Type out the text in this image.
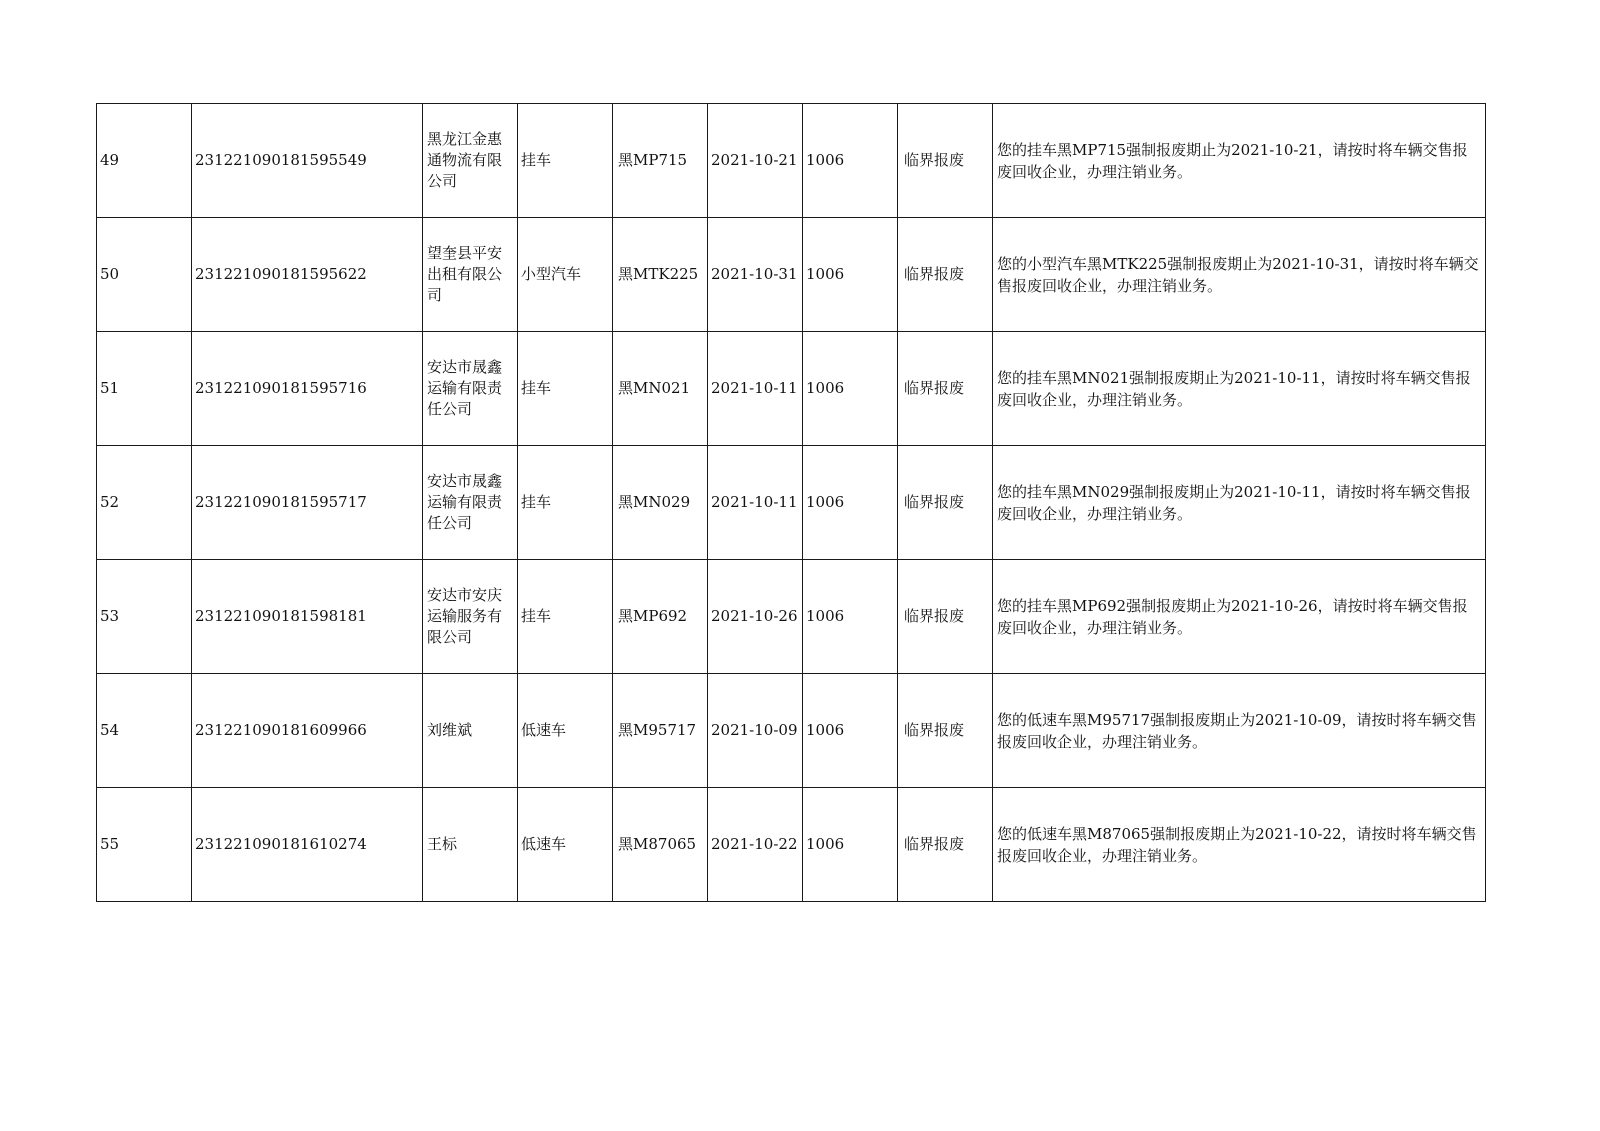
49	231221090181595549	黑龙江金惠通物流有限公司	挂车	黑MP715	2021-10-21	1006	临界报废	您的挂车黑MP715强制报废期止为2021-10-21，请按时将车辆交售报废回收企业，办理注销业务。
50	231221090181595622	望奎县平安出租有限公司	小型汽车	黑MTK225	2021-10-31	1006	临界报废	您的小型汽车黑MTK225强制报废期止为2021-10-31，请按时将车辆交售报废回收企业，办理注销业务。
51	231221090181595716	安达市晟鑫运输有限责任公司	挂车	黑MN021	2021-10-11	1006	临界报废	您的挂车黑MN021强制报废期止为2021-10-11，请按时将车辆交售报废回收企业，办理注销业务。
52	231221090181595717	安达市晟鑫运输有限责任公司	挂车	黑MN029	2021-10-11	1006	临界报废	您的挂车黑MN029强制报废期止为2021-10-11，请按时将车辆交售报废回收企业，办理注销业务。
53	231221090181598181	安达市安庆运输服务有限公司	挂车	黑MP692	2021-10-26	1006	临界报废	您的挂车黑MP692强制报废期止为2021-10-26，请按时将车辆交售报废回收企业，办理注销业务。
54	231221090181609966	刘维斌	低速车	黑M95717	2021-10-09	1006	临界报废	您的低速车黑M95717强制报废期止为2021-10-09，请按时将车辆交售报废回收企业，办理注销业务。
55	231221090181610274	王标	低速车	黑M87065	2021-10-22	1006	临界报废	您的低速车黑M87065强制报废期止为2021-10-22，请按时将车辆交售报废回收企业，办理注销业务。
